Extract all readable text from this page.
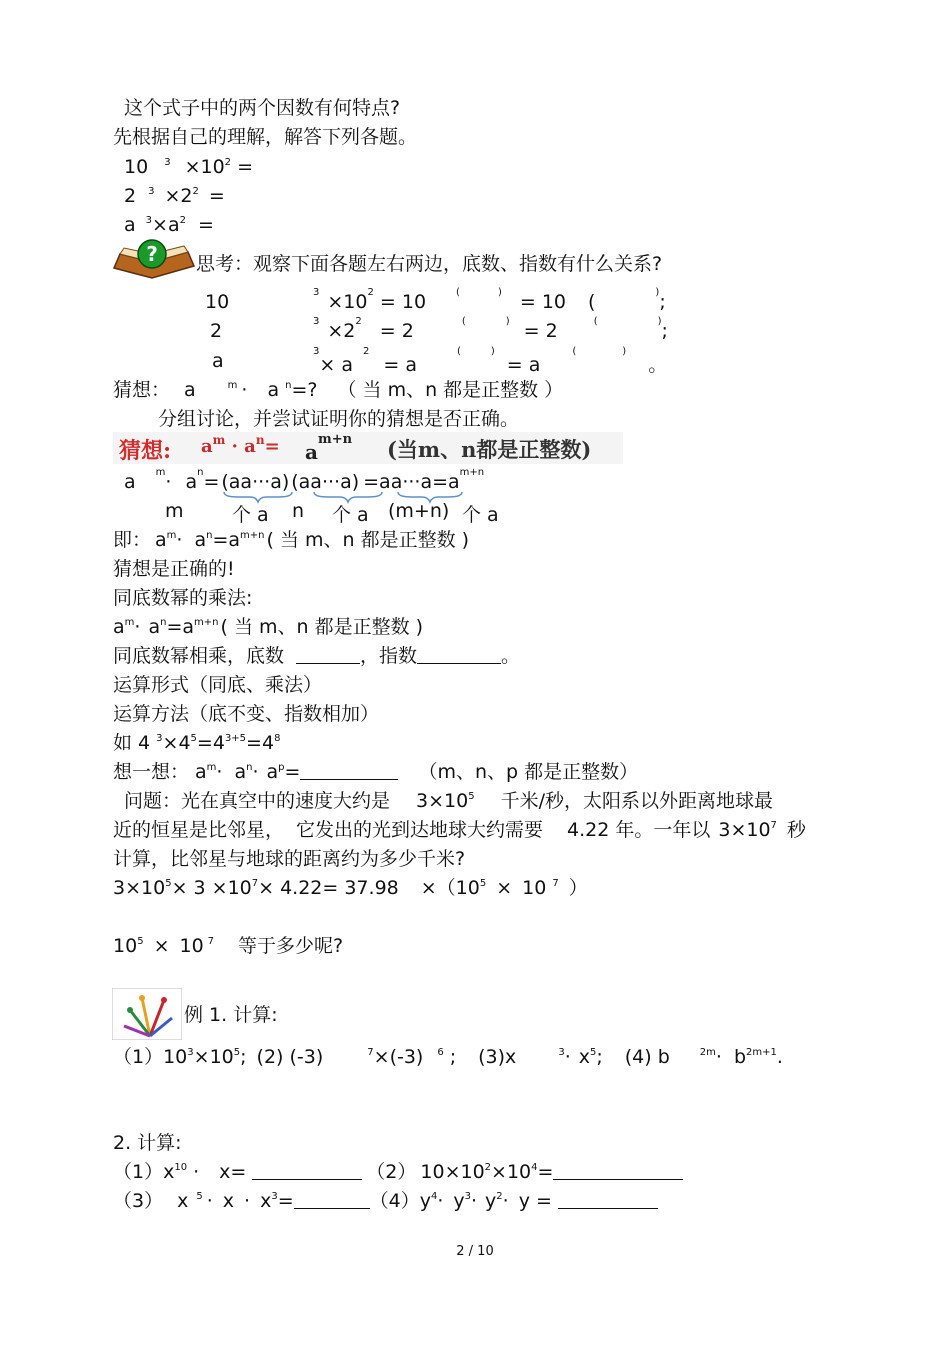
这个式子中的两个因数有何特点?
先根据自己的理解，解答下列各题。
10 $^3 \times 10^2$ =
2 $^3 \times 2^2$ =
a $^3\times a^2$ =
? 思考：观察下面各题左右两边，底数、指数有什么关系?
10	$^3 \times 10^2 = 10$	(	) = 10 (	);
2	$^3 \times 2^2 = 2$	(	) = 2	(	);
a	$^3\times a^2= a^($	)= a(	)。
猜想： a	$^m$ · a $^n$=? （ 当 m、n 都是正整数 ）
分组讨论，并尝试证明你的猜想是否正确。
猜想: $a^m \cdot a^n= a^{m+n}$ (当m、n都是正整数)
a $^m\cdot a^n= (aa\cdot\cdot\cdot a)$ $(aa\cdot\cdot\cdot a) =aa\cdot\cdot\cdot a=a^{m+n}$
m	个 a n 个 a (m+n) 个 a
即： $a^m\cdot a^n=a^{m+n}$ ( 当 m、n 都是正整数 )
猜想是正确的!
同底数幂的乘法:
$a^m\cdot a^n=a^{m+n}$ ( 当 m、n 都是正整数 )
同底数幂相乘，底数	，指数	。
运算形式（同底、乘法）
运算方法（底不变、指数相加）
如 4 $^3\times 4^5=4^{3+5}=4^8$
想一想： $a^m\cdot a^n\cdot a^p=$	（m、n、p 都是正整数）
问题：光在真空中的速度大约是 $3\times 10^5$ 千米/秒，太阳系以外距离地球最
近的恒星是比邻星， 它发出的光到达地球大约需要 4.22 年。一年以 $3\times 10^7$ 秒
计算，比邻星与地球的距离约为多少千米?
$3\times 10^5\times 3 \times 10^7\times 4.22= 37.98 \times(10^5 \times 10$ $^7$ ）
$10^5 \times 10$ $^7$ 等于多少呢?
例 1. 计算:
$(1)10^3\times 10^5$; (2) (-3)	$^7$×(-3) $^6$ ; (3)x	$^3\cdot x^5$; (4) b	$^{2m}\cdot b^{2m+1}$.
2. 计算:
$(1)x^{10} \cdot x=$	（2） $10\times 10^2\times 10^4=$
（3） x $^5 \cdot x \cdot x^3=$	$(4)y^4\cdot y^3\cdot y^2\cdot y$ =
2 / 10
